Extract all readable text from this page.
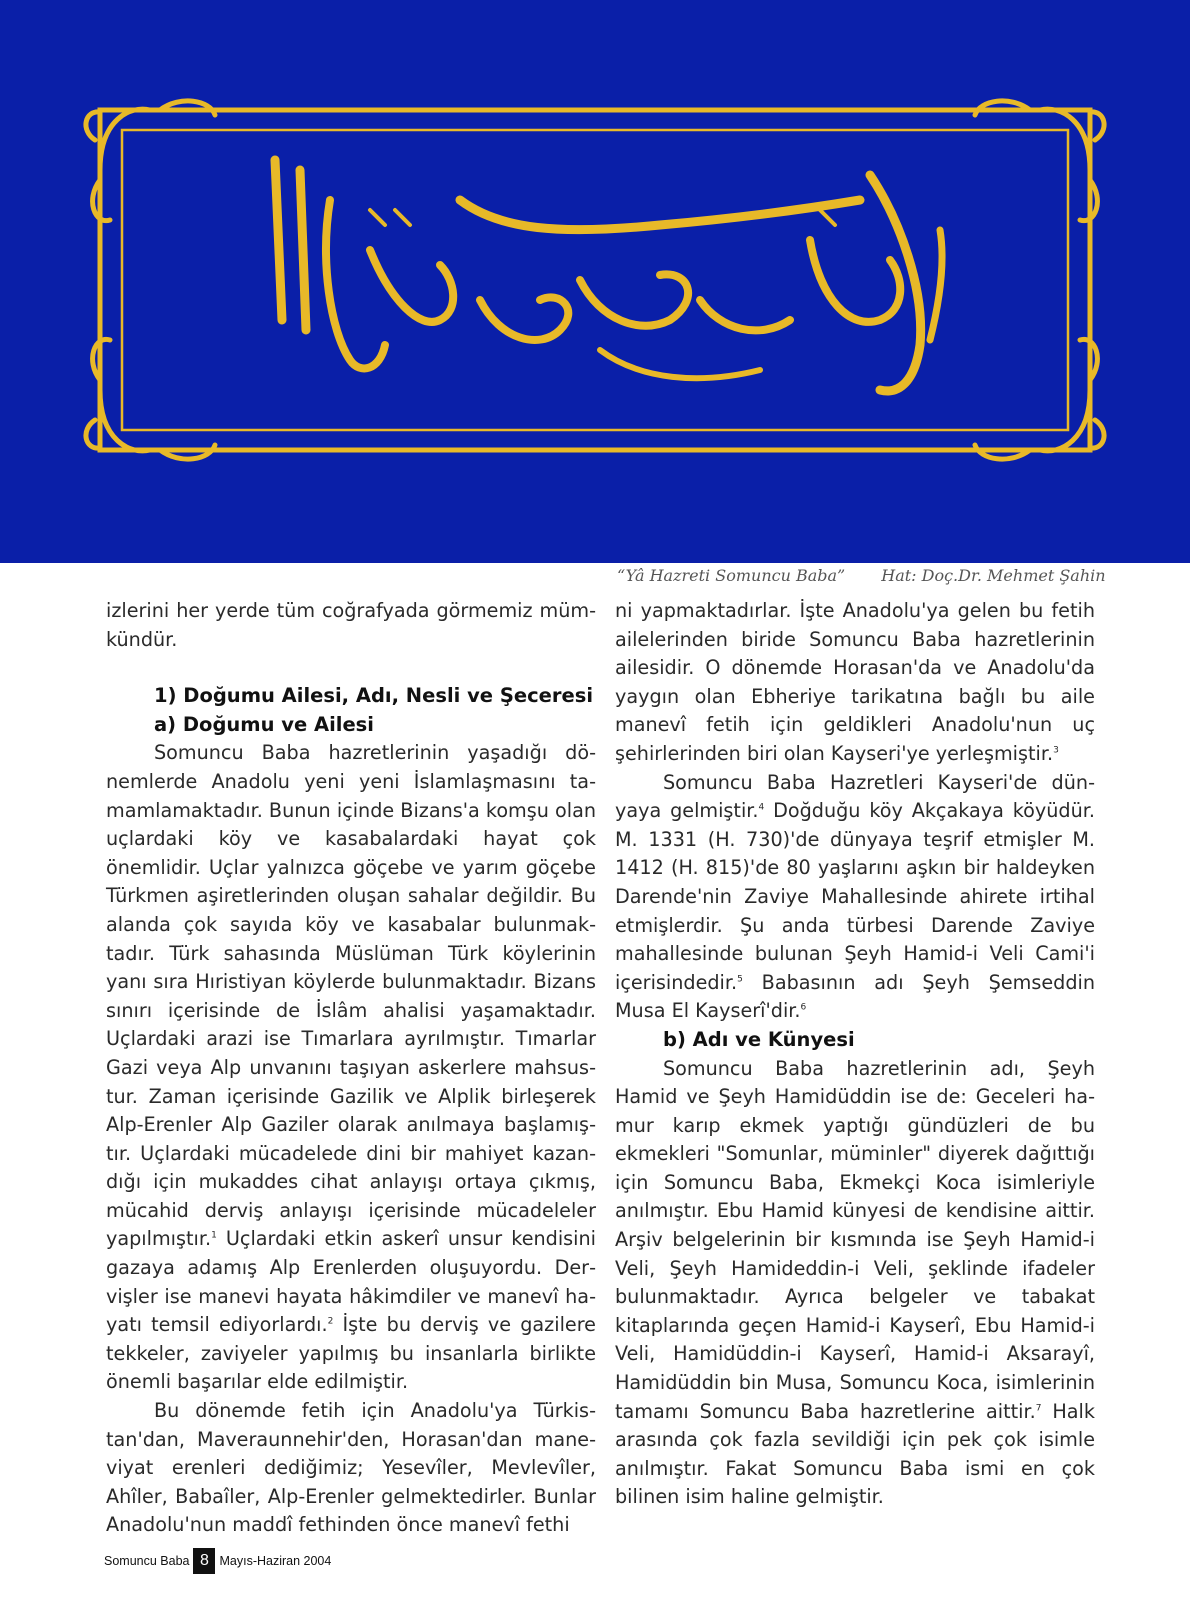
“Yâ Hazreti Somuncu Baba” Hat: Doç.Dr. Mehmet Şahin

izlerini her yerde tüm coğrafyada görmemiz mümkündür.

1) Doğumu Ailesi, Adı, Nesli ve Şeceresi
a) Doğumu ve Ailesi

Somuncu Baba hazretlerinin yaşadığı dönemlerde Anadolu yeni yeni İslamlaşmasını tamamlamaktadır. Bunun içinde Bizans'a komşu olan uçlardaki köy ve kasabalardaki hayat çok önemlidir. Uçlar yalnızca göçebe ve yarım göçebe Türkmen aşiretlerinden oluşan sahalar değildir. Bu alanda çok sayıda köy ve kasabalar bulunmaktadır. Türk sahasında Müslüman Türk köylerinin yanı sıra Hıristiyan köylerde bulunmaktadır. Bizans sınırı içerisinde de İslâm ahalisi yaşamaktadır. Uçlardaki arazi ise Tımarlara ayrılmıştır. Tımarlar Gazi veya Alp unvanını taşıyan askerlere mahsustur. Zaman içerisinde Gazilik ve Alplik birleşerek Alp-Erenler Alp Gaziler olarak anılmaya başlamıştır. Uçlardaki mücadelede dini bir mahiyet kazandığı için mukaddes cihat anlayışı ortaya çıkmış, mücahid derviş anlayışı içerisinde mücadeleler yapılmıştır.$^1$ Uçlardaki etkin askerî unsur kendisini gazaya adamış Alp Erenlerden oluşuyordu. Dervişler ise manevi hayata hâkimdiler ve manevî hayatı temsil ediyorlardı.$^2$ İşte bu derviş ve gazilere tekkeler, zaviyeler yapılmış bu insanlarla birlikte önemli başarılar elde edilmiştir.

Bu dönemde fetih için Anadolu'ya Türkistan'dan, Maveraunnehir'den, Horasan'dan maneviyat erenleri dediğimiz; Yesevîler, Mevlevîler, Ahîler, Babaîler, Alp-Erenler gelmektedirler. Bunlar Anadolu'nun maddî fethinden önce manevî fethi

ni yapmaktadırlar. İşte Anadolu'ya gelen bu fetih ailelerinden biride Somuncu Baba hazretlerinin ailesidir. O dönemde Horasan'da ve Anadolu'da yaygın olan Ebheriye tarikatına bağlı bu aile manevî fetih için geldikleri Anadolu'nun uç şehirlerinden biri olan Kayseri'ye yerleşmiştir.$^3$

Somuncu Baba Hazretleri Kayseri'de dünyaya gelmiştir.$^4$ Doğduğu köy Akçakaya köyüdür. M. 1331 (H. 730)'de dünyaya teşrif etmişler M. 1412 (H. 815)'de 80 yaşlarını aşkın bir haldeyken Darende'nin Zaviye Mahallesinde ahirete irtihal etmişlerdir. Şu anda türbesi Darende Zaviye mahallesinde bulunan Şeyh Hamid-i Veli Cami'i içerisindedir.$^5$ Babasının adı Şeyh Şemseddin Musa El Kayserî'dir.$^6$

b) Adı ve Künyesi

Somuncu Baba hazretlerinin adı, Şeyh Hamid ve Şeyh Hamidüddin ise de: Geceleri hamur karıp ekmek yaptığı gündüzleri de bu ekmekleri "Somunlar, müminler" diyerek dağıttığı için Somuncu Baba, Ekmekçi Koca isimleriyle anılmıştır. Ebu Hamid künyesi de kendisine aittir. Arşiv belgelerinin bir kısmında ise Şeyh Hamid-i Veli, Şeyh Hamideddin-i Veli, şeklinde ifadeler bulunmaktadır. Ayrıca belgeler ve tabakat kitaplarında geçen Hamid-i Kayserî, Ebu Hamid-i Veli, Hamidüddin-i Kayserî, Hamid-i Aksarayî, Hamidüddin bin Musa, Somuncu Koca, isimlerinin tamamı Somuncu Baba hazretlerine aittir.$^7$ Halk arasında çok fazla sevildiği için pek çok isimle anılmıştır. Fakat Somuncu Baba ismi en çok bilinen isim haline gelmiştir.

Somuncu Baba 8 Mayıs-Haziran 2004
